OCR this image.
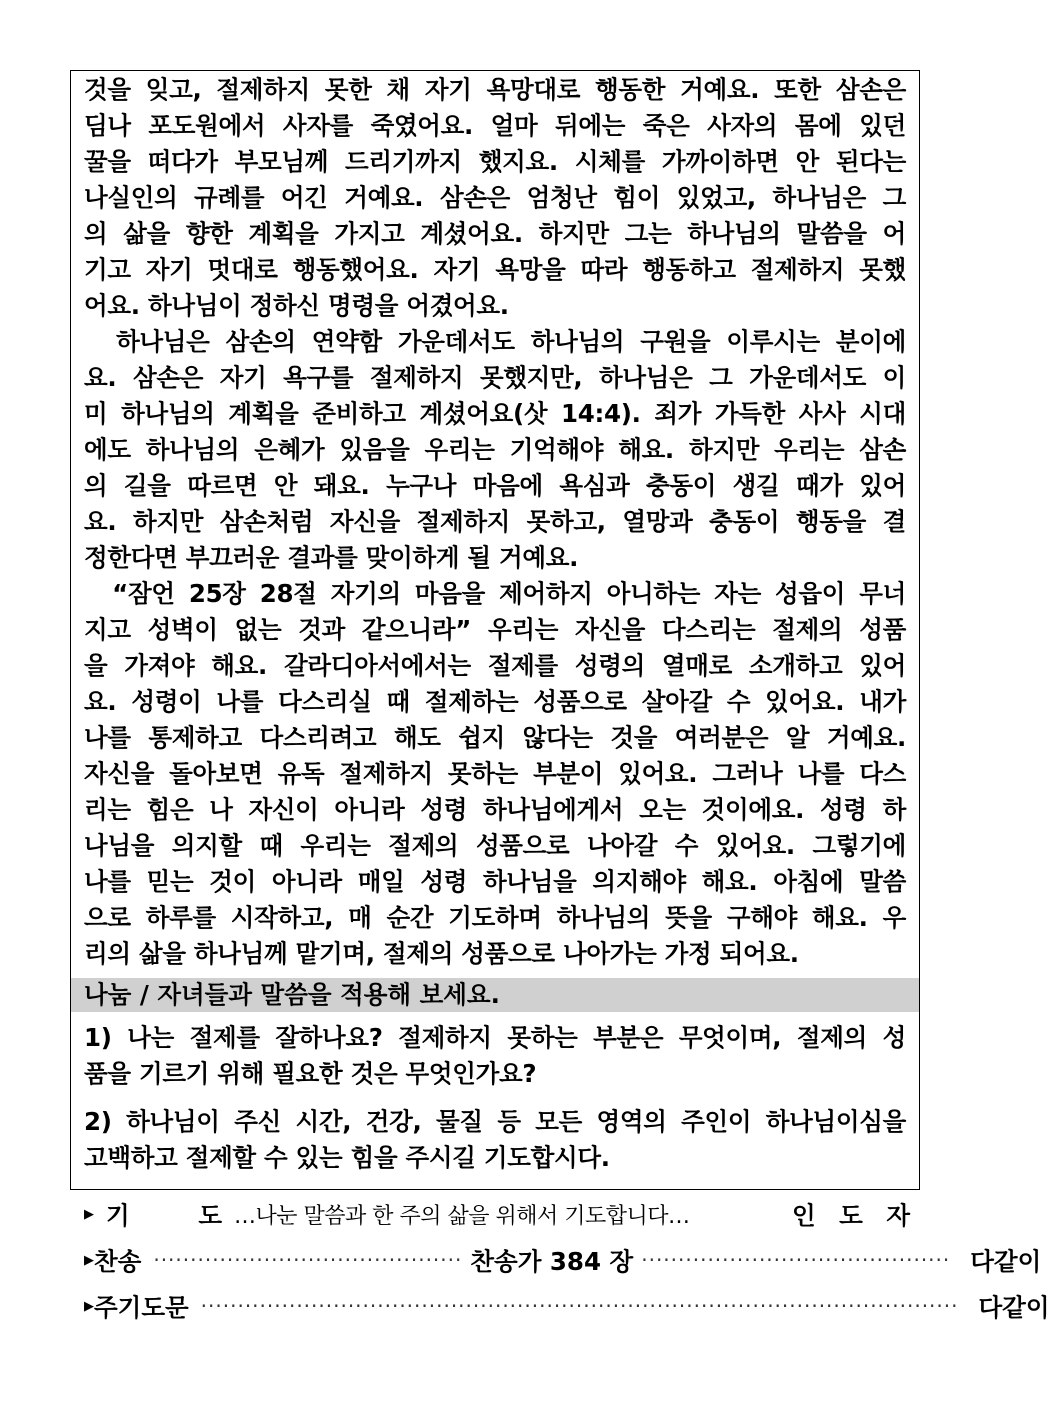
것을 잊고, 절제하지 못한 채 자기 욕망대로 행동한 거예요. 또한 삼손은
딤나 포도원에서 사자를 죽였어요. 얼마 뒤에는 죽은 사자의 몸에 있던
꿀을 떠다가 부모님께 드리기까지 했지요. 시체를 가까이하면 안 된다는
나실인의 규례를 어긴 거예요. 삼손은 엄청난 힘이 있었고, 하나님은 그
의 삶을 향한 계획을 가지고 계셨어요. 하지만 그는 하나님의 말씀을 어
기고 자기 멋대로 행동했어요. 자기 욕망을 따라 행동하고 절제하지 못했
어요. 하나님이 정하신 명령을 어겼어요.
하나님은 삼손의 연약함 가운데서도 하나님의 구원을 이루시는 분이에
요. 삼손은 자기 욕구를 절제하지 못했지만, 하나님은 그 가운데서도 이
미 하나님의 계획을 준비하고 계셨어요(삿 14:4). 죄가 가득한 사사 시대
에도 하나님의 은혜가 있음을 우리는 기억해야 해요. 하지만 우리는 삼손
의 길을 따르면 안 돼요. 누구나 마음에 욕심과 충동이 생길 때가 있어
요. 하지만 삼손처럼 자신을 절제하지 못하고, 열망과 충동이 행동을 결
정한다면 부끄러운 결과를 맞이하게 될 거예요.
“잠언 25장 28절 자기의 마음을 제어하지 아니하는 자는 성읍이 무너
지고 성벽이 없는 것과 같으니라” 우리는 자신을 다스리는 절제의 성품
을 가져야 해요. 갈라디아서에서는 절제를 성령의 열매로 소개하고 있어
요. 성령이 나를 다스리실 때 절제하는 성품으로 살아갈 수 있어요. 내가
나를 통제하고 다스리려고 해도 쉽지 않다는 것을 여러분은 알 거예요.
자신을 돌아보면 유독 절제하지 못하는 부분이 있어요. 그러나 나를 다스
리는 힘은 나 자신이 아니라 성령 하나님에게서 오는 것이에요. 성령 하
나님을 의지할 때 우리는 절제의 성품으로 나아갈 수 있어요. 그렇기에
나를 믿는 것이 아니라 매일 성령 하나님을 의지해야 해요. 아침에 말씀
으로 하루를 시작하고, 매 순간 기도하며 하나님의 뜻을 구해야 해요. 우
리의 삶을 하나님께 맡기며, 절제의 성품으로 나아가는 가정 되어요.
나눔 / 자녀들과 말씀을 적용해 보세요.
1) 나는 절제를 잘하나요? 절제하지 못하는 부분은 무엇이며, 절제의 성
품을 기르기 위해 필요한 것은 무엇인가요?
2) 하나님이 주신 시간, 건강, 물질 등 모든 영역의 주인이 하나님이심을
고백하고 절제할 수 있는 힘을 주시길 기도합시다.
▶ 기	도 …나눈 말씀과 한 주의 삶을 위해서 기도합니다…	인 도 자
▶ 찬 송 ·········································· 찬송가 384 장 ·········································· 다 같 이
▶ 주기도문 ······································································································· 다 같 이
